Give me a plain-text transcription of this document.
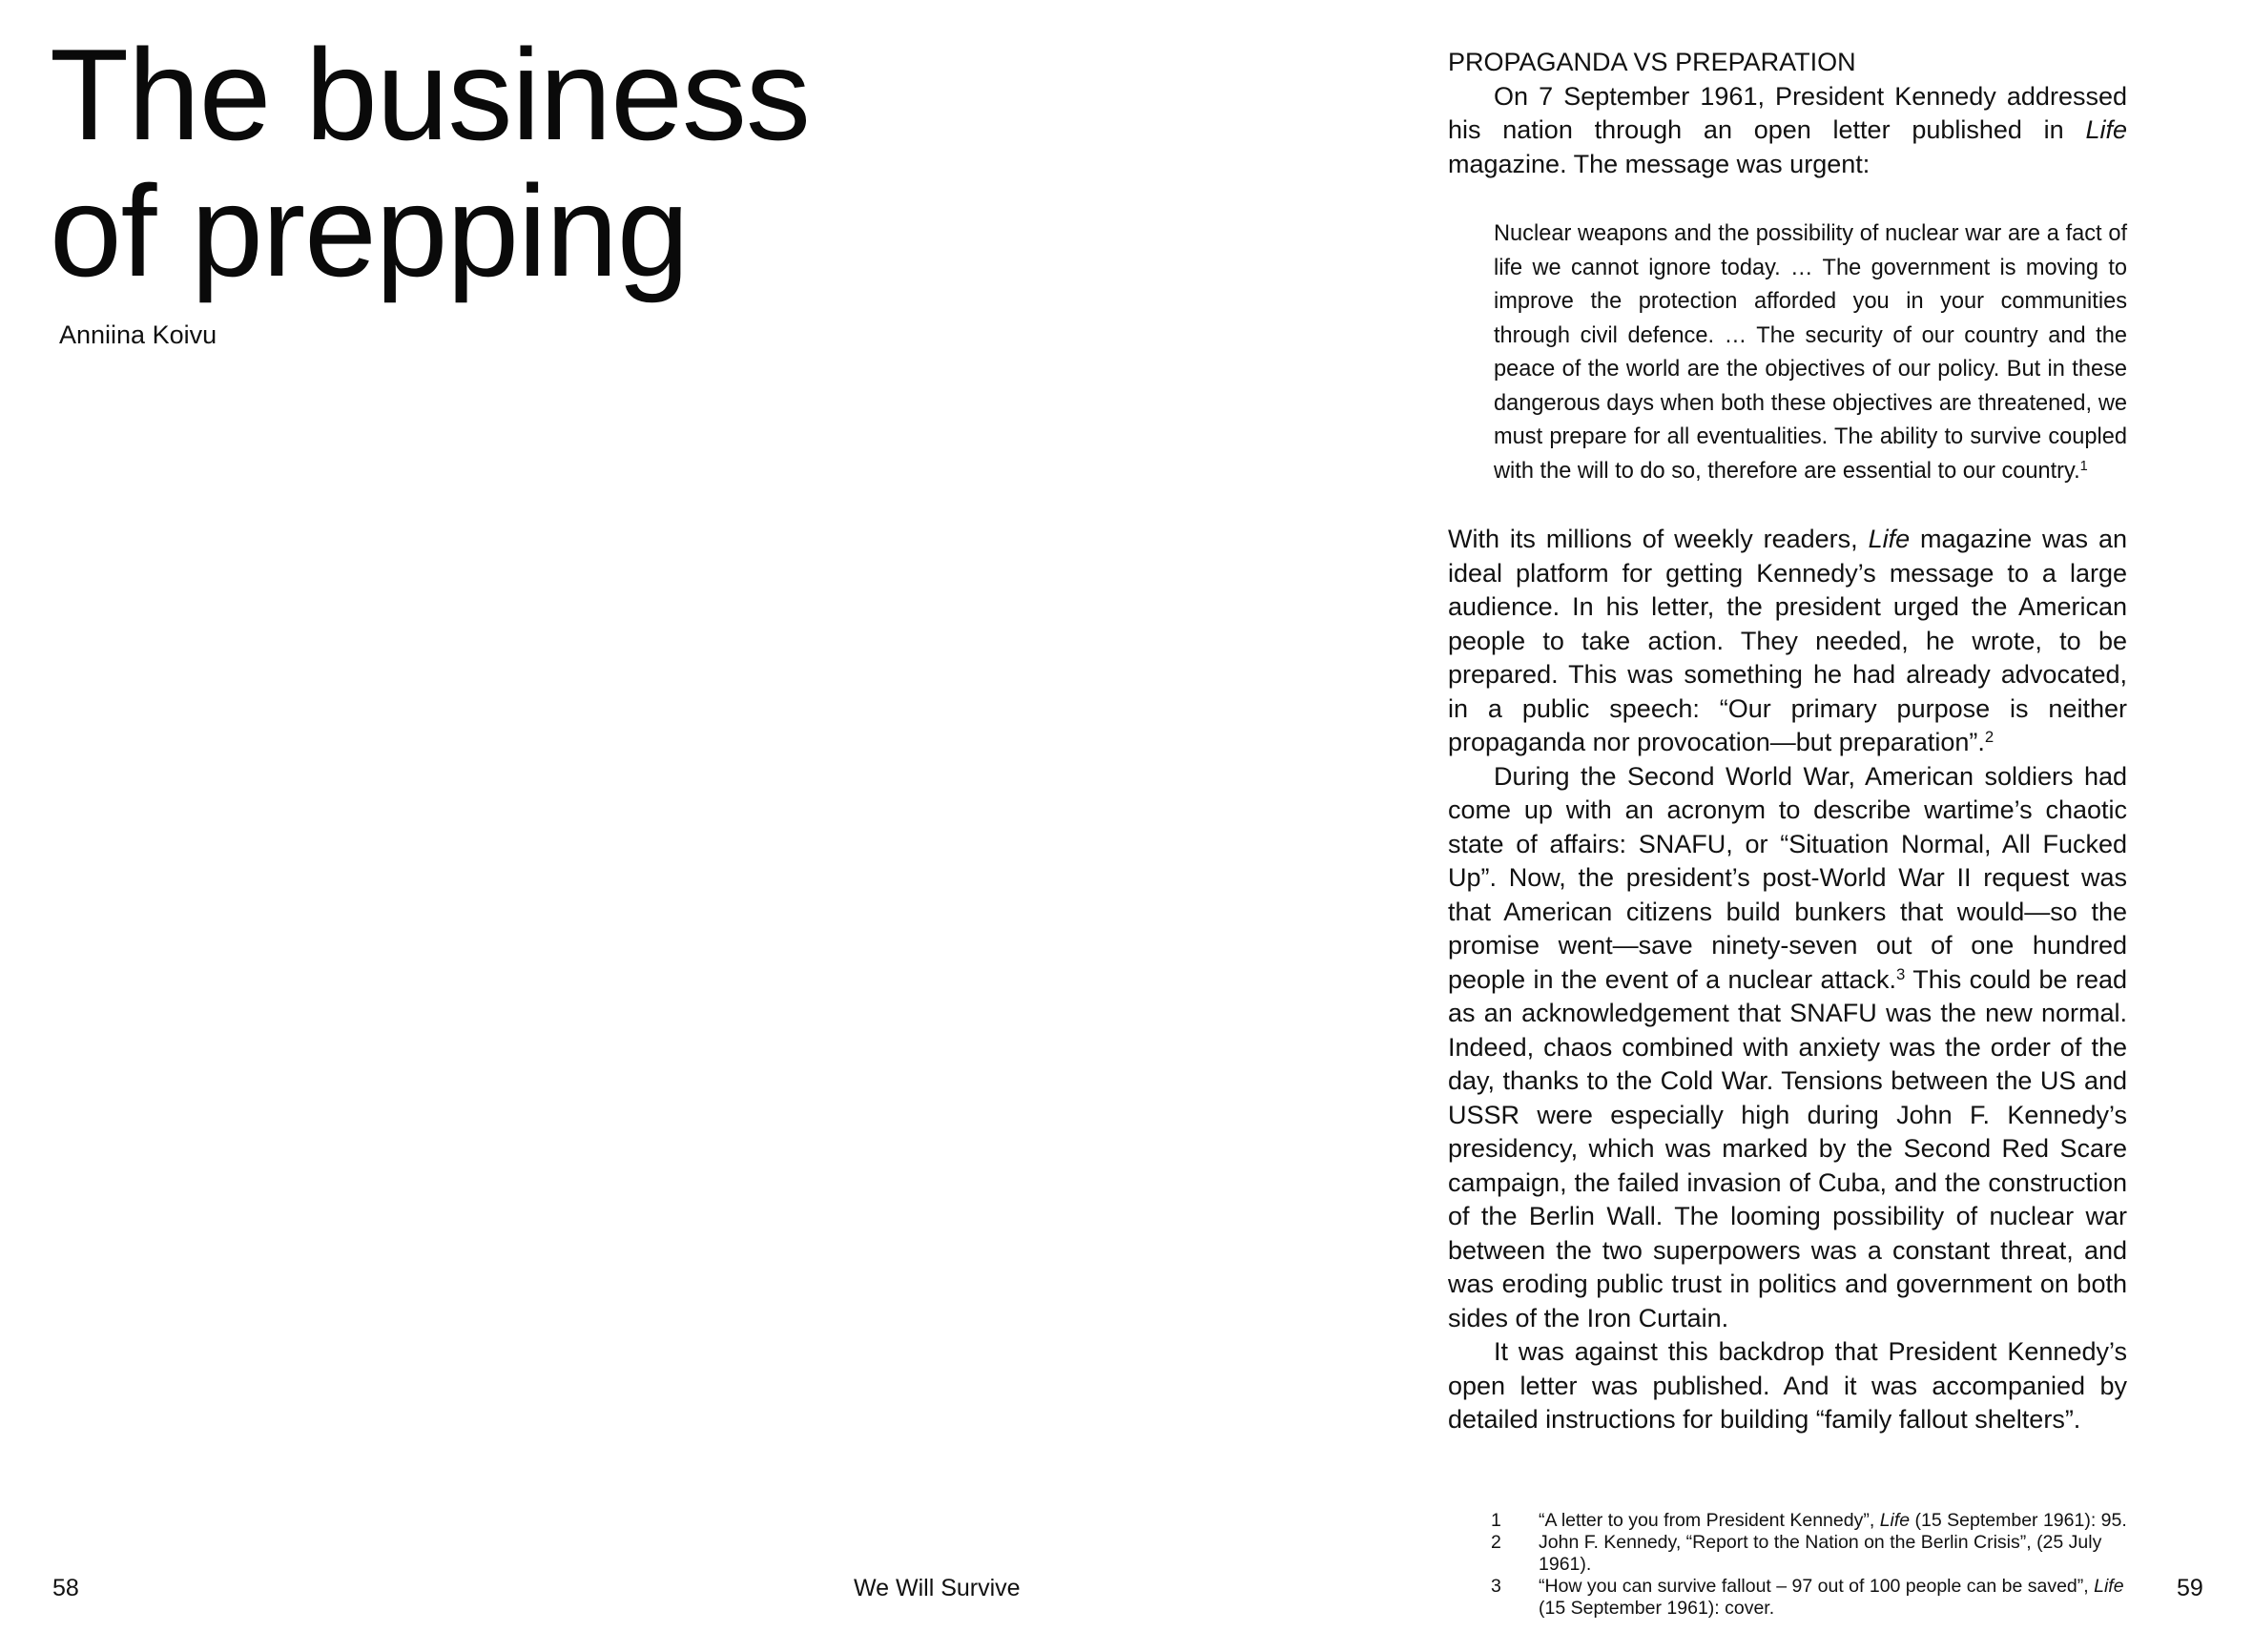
The business
of prepping
Anniina Koivu

PROPAGANDA VS PREPARATION

On 7 September 1961, President Kennedy addressed his nation through an open letter published in Life magazine. The message was urgent:

Nuclear weapons and the possibility of nuclear war are a fact of life we cannot ignore today. … The government is moving to improve the protection afforded you in your communities through civil defence. … The security of our country and the peace of the world are the objectives of our policy. But in these dangerous days when both these objectives are threatened, we must prepare for all eventualities. The ability to survive coupled with the will to do so, therefore are essential to our country.$^1$

With its millions of weekly readers, Life magazine was an ideal platform for getting Kennedy’s message to a large audience. In his letter, the president urged the American people to take action. They needed, he wrote, to be prepared. This was something he had already advocated, in a public speech: “Our primary purpose is neither propaganda nor provocation—but preparation”.$^2$

During the Second World War, American soldiers had come up with an acronym to describe wartime’s chaotic state of affairs: SNAFU, or “Situation Normal, All Fucked Up”. Now, the president’s post-World War II request was that American citizens build bunkers that would—so the promise went—save ninety-seven out of one hundred people in the event of a nuclear attack.$^3$ This could be read as an acknowledgement that SNAFU was the new normal. Indeed, chaos combined with anxiety was the order of the day, thanks to the Cold War. Tensions between the US and USSR were especially high during John F. Kennedy’s presidency, which was marked by the Second Red Scare campaign, the failed invasion of Cuba, and the construction of the Berlin Wall. The looming possibility of nuclear war between the two superpowers was a constant threat, and was eroding public trust in politics and government on both sides of the Iron Curtain.

It was against this backdrop that President Kennedy’s open letter was published. And it was accompanied by detailed instructions for building “family fallout shelters”.

1	“A letter to you from President Kennedy”, Life (15 September 1961): 95.
2	John F. Kennedy, “Report to the Nation on the Berlin Crisis”, (25 July 1961).
3	“How you can survive fallout – 97 out of 100 people can be saved”, Life (15 September 1961): cover.
58	We Will Survive	59
